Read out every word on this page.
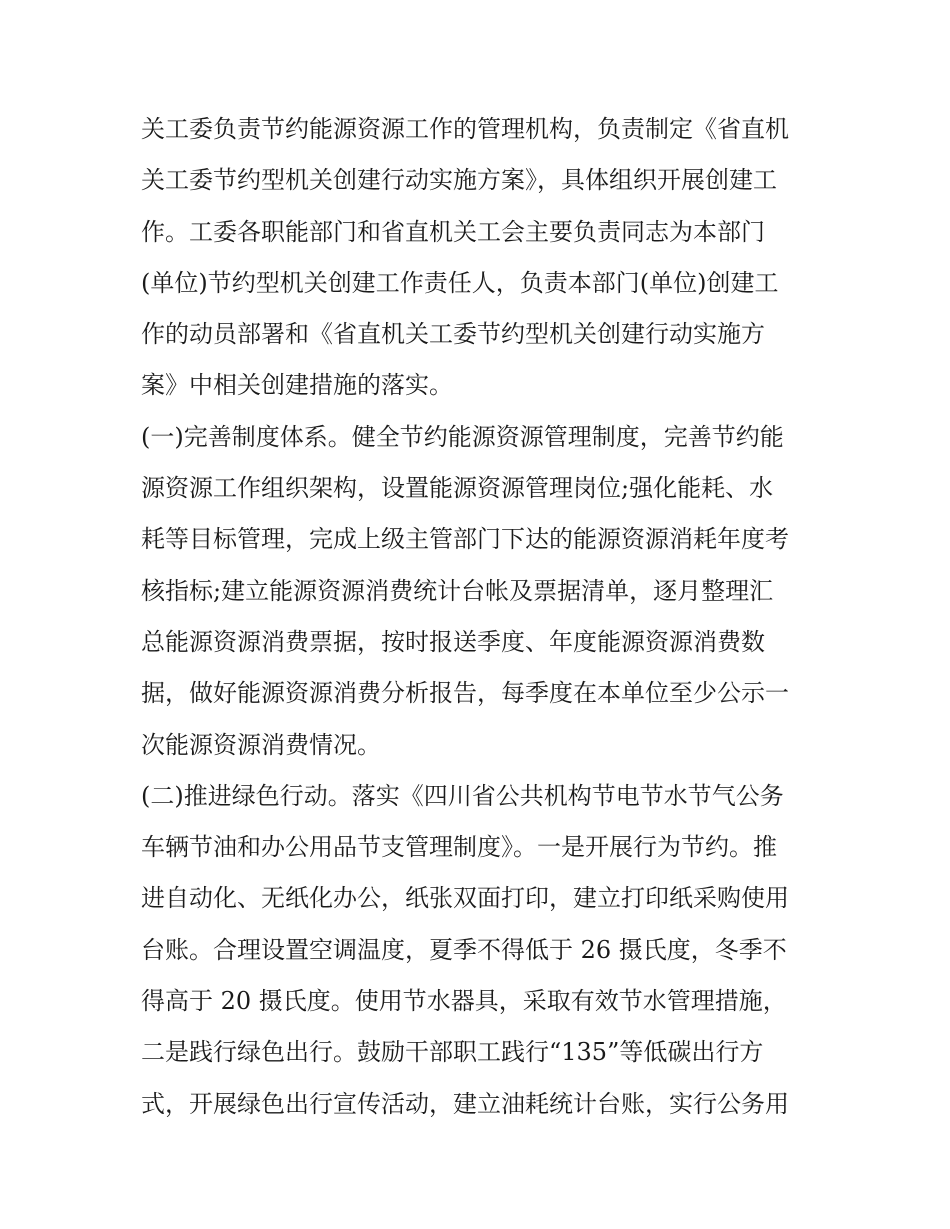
关工委负责节约能源资源工作的管理机构，负责制定《省直机
关工委节约型机关创建行动实施方案》，具体组织开展创建工
作。工委各职能部门和省直机关工会主要负责同志为本部门
(单位)节约型机关创建工作责任人，负责本部门(单位)创建工
作的动员部署和《省直机关工委节约型机关创建行动实施方
案》中相关创建措施的落实。
(一)完善制度体系。健全节约能源资源管理制度，完善节约能
源资源工作组织架构，设置能源资源管理岗位;强化能耗、水
耗等目标管理，完成上级主管部门下达的能源资源消耗年度考
核指标;建立能源资源消费统计台帐及票据清单，逐月整理汇
总能源资源消费票据，按时报送季度、年度能源资源消费数
据，做好能源资源消费分析报告，每季度在本单位至少公示一
次能源资源消费情况。
(二)推进绿色行动。落实《四川省公共机构节电节水节气公务
车辆节油和办公用品节支管理制度》。一是开展行为节约。推
进自动化、无纸化办公，纸张双面打印，建立打印纸采购使用
台账。合理设置空调温度，夏季不得低于 26 摄氏度，冬季不
得高于 20 摄氏度。使用节水器具，采取有效节水管理措施，
二是践行绿色出行。鼓励干部职工践行“135”等低碳出行方
式，开展绿色出行宣传活动，建立油耗统计台账，实行公务用
